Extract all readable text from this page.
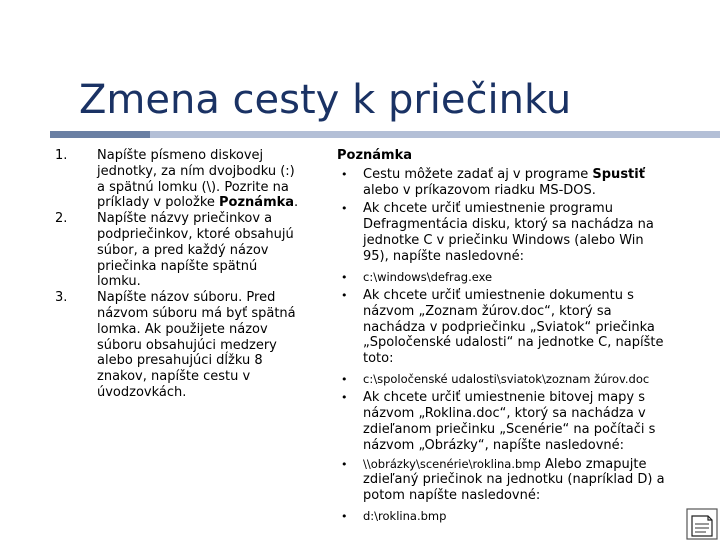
Zmena cesty k priečinku
1. Napíšte písmeno diskovej jednotky, za ním dvojbodku (:) a spätnú lomku (\). Pozrite na príklady v položke Poznámka.
2. Napíšte názvy priečinkov a podpriečinkov, ktoré obsahujú súbor, a pred každý názov priečinka napíšte spätnú lomku.
3. Napíšte názov súboru. Pred názvom súboru má byť spätná lomka. Ak použijete názov súboru obsahujúci medzery alebo presahujúci dĺžku 8 znakov, napíšte cestu v úvodzovkách.

Poznámka

• Cestu môžete zadať aj v programe Spustiť alebo v príkazovom riadku MS-DOS.
• Ak chcete určiť umiestnenie programu Defragmentácia disku, ktorý sa nachádza na jednotke C v priečinku Windows (alebo Win 95), napíšte nasledovné:
• c:\windows\defrag.exe
• Ak chcete určiť umiestnenie dokumentu s názvom „Zoznam žúrov.doc“, ktorý sa nachádza v podpriečinku „Sviatok“ priečinka „Spoločenské udalosti“ na jednotke C, napíšte toto:
• c:\spoločenské udalosti\sviatok\zoznam žúrov.doc
• Ak chcete určiť umiestnenie bitovej mapy s názvom „Roklina.doc“, ktorý sa nachádza v zdieľanom priečinku „Scenérie“ na počítači s názvom „Obrázky“, napíšte nasledovné:
• \\obrázky\scenérie\roklina.bmp Alebo zmapujte zdieľaný priečinok na jednotku (napríklad D) a potom napíšte nasledovné:
• d:\roklina.bmp
